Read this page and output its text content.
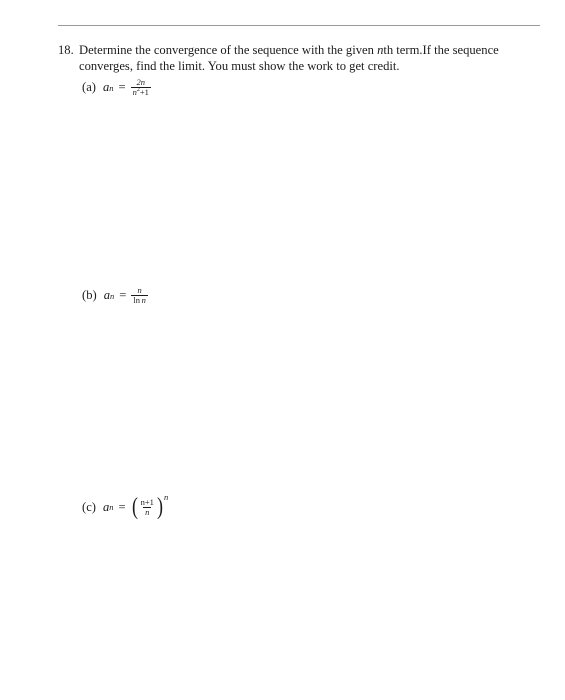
18. Determine the convergence of the sequence with the given nth term.If the sequence converges, find the limit. You must show the work to get credit.
(a) a $n = \frac{2n}{n^2+1}$
(b) a $n = \frac{n}{\text{ln  n}}$
(c) a n = ( $\frac{n+1}{n}$ ) n
